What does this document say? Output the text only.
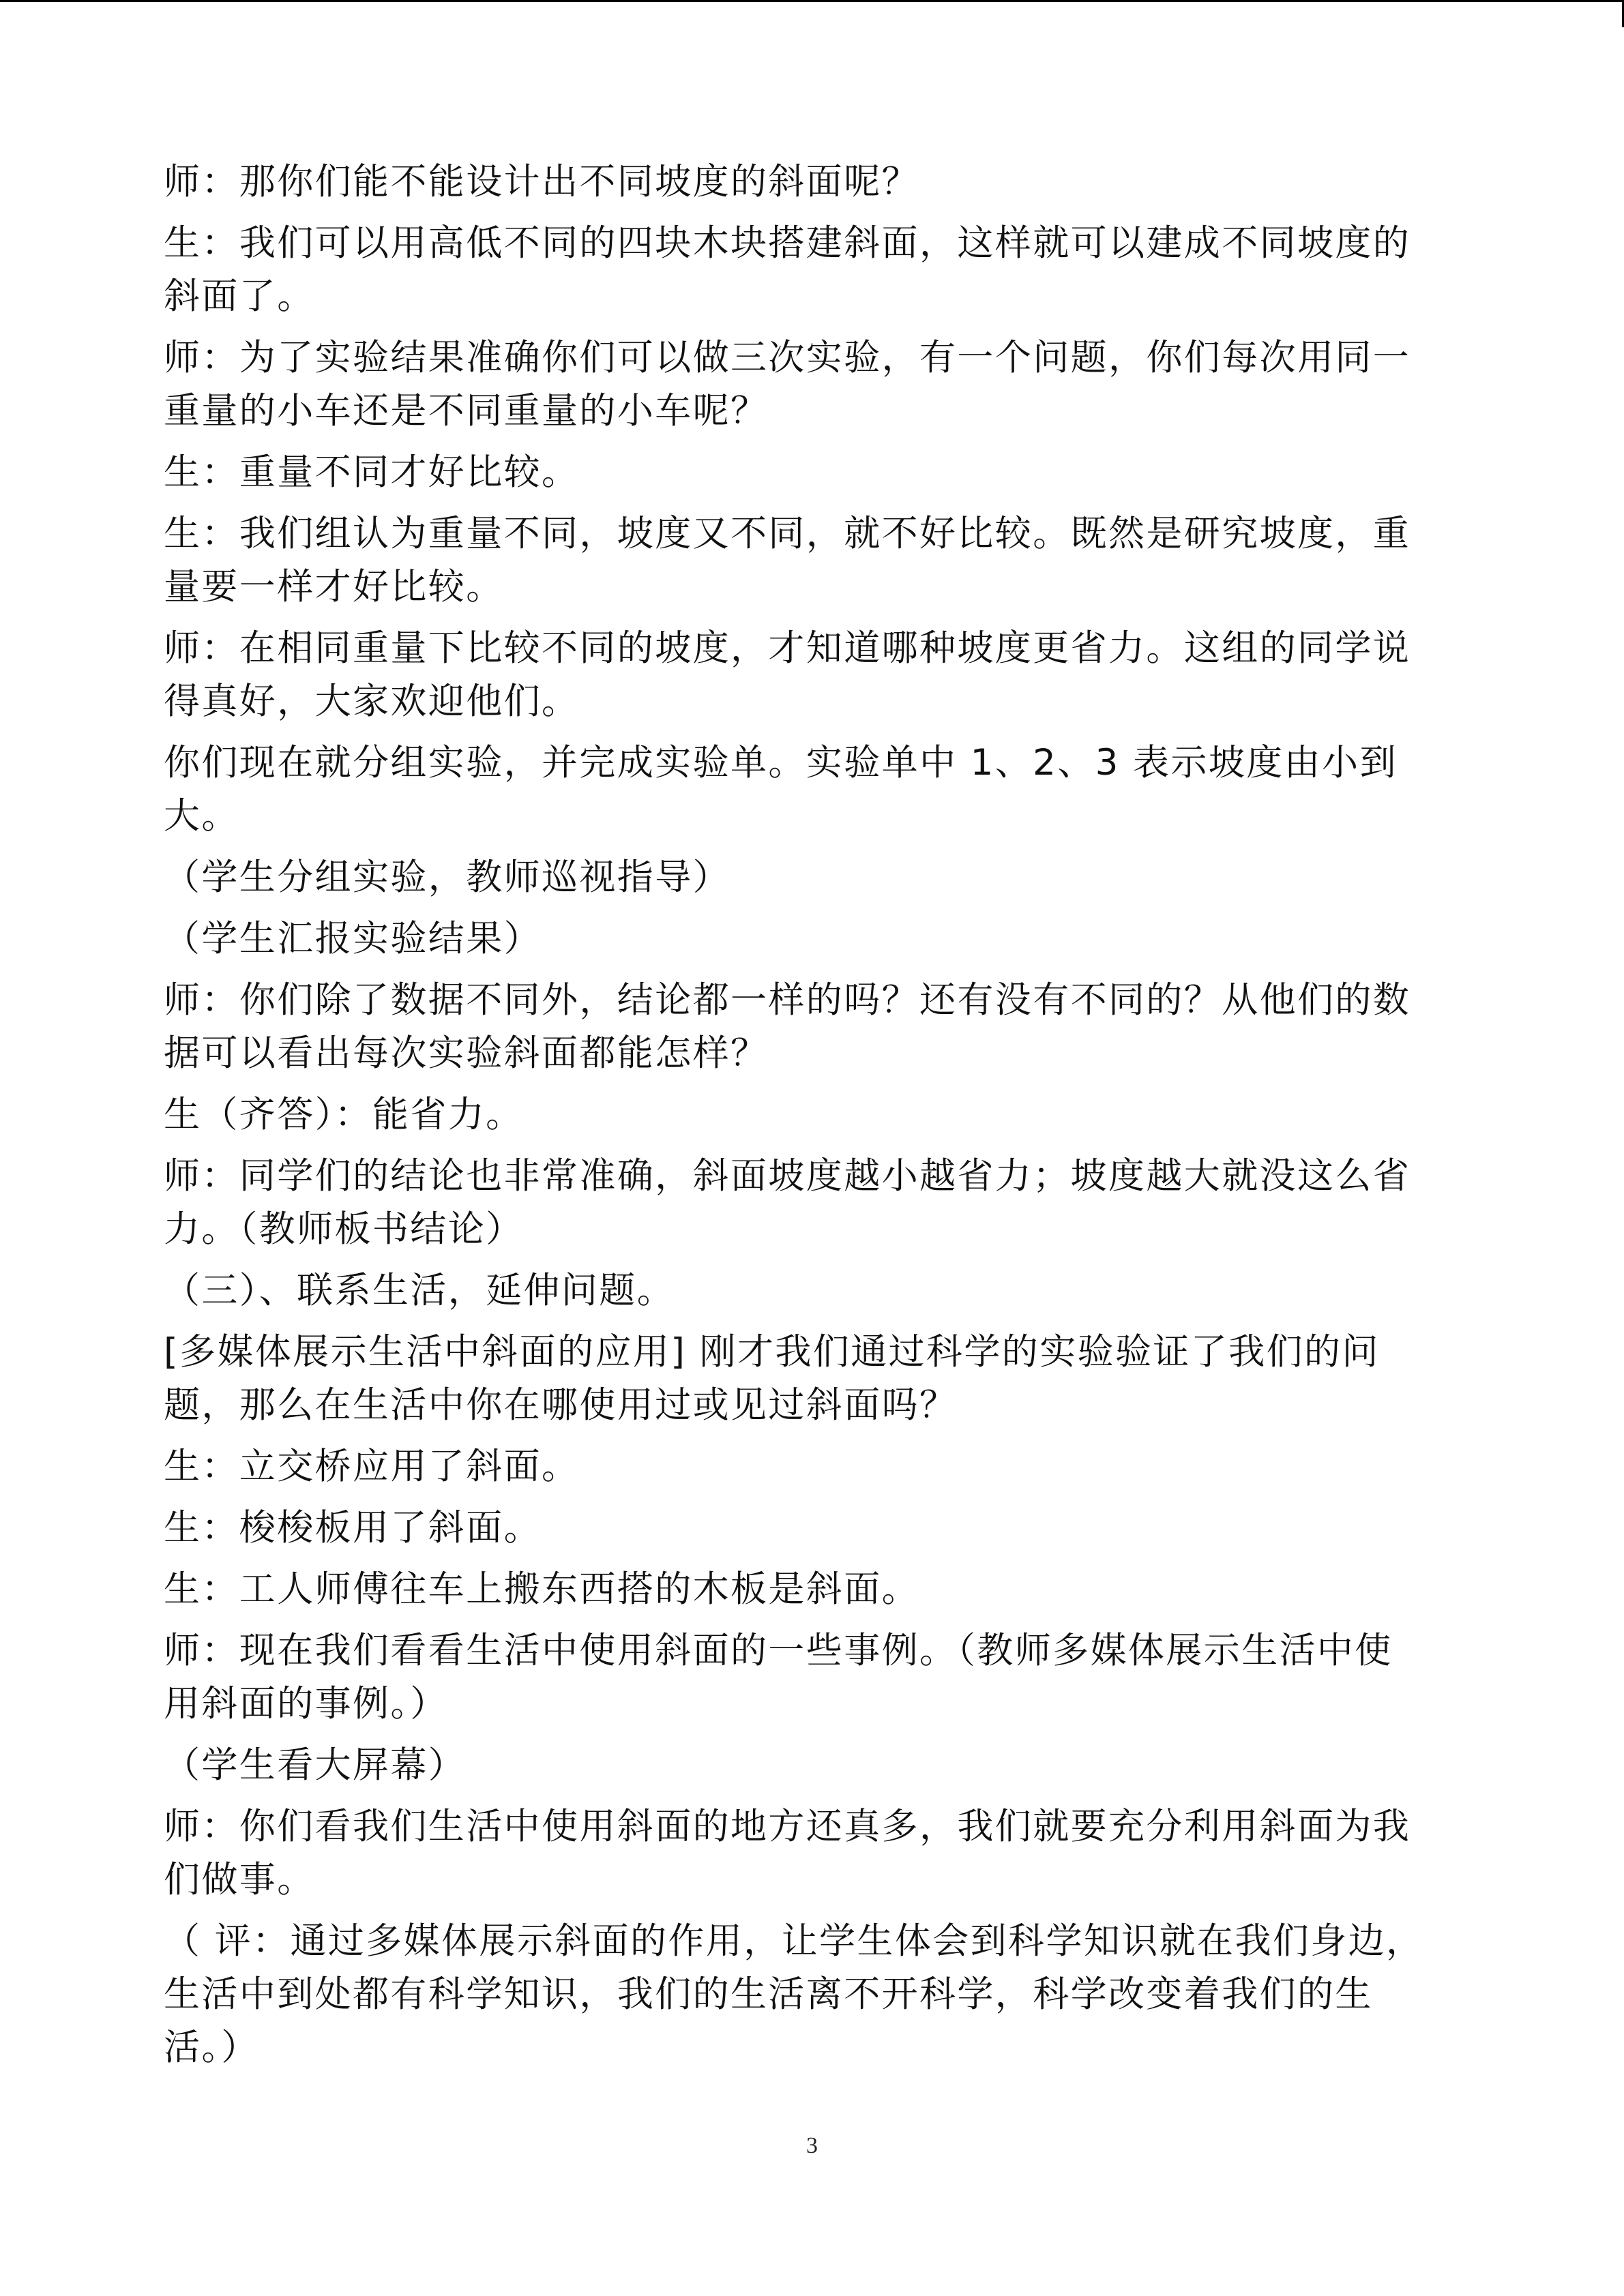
师：那你们能不能设计出不同坡度的斜面呢？

生：我们可以用高低不同的四块木块搭建斜面，这样就可以建成不同坡度的斜面了。

师：为了实验结果准确你们可以做三次实验，有一个问题，你们每次用同一重量的小车还是不同重量的小车呢？

生：重量不同才好比较。

生：我们组认为重量不同，坡度又不同，就不好比较。既然是研究坡度，重量要一样才好比较。

师：在相同重量下比较不同的坡度，才知道哪种坡度更省力。这组的同学说得真好，大家欢迎他们。

你们现在就分组实验，并完成实验单。实验单中 1、2、3 表示坡度由小到大。

（学生分组实验，教师巡视指导）

（学生汇报实验结果）

师：你们除了数据不同外，结论都一样的吗？还有没有不同的？从他们的数据可以看出每次实验斜面都能怎样？

生（齐答）：能省力。

师：同学们的结论也非常准确，斜面坡度越小越省力；坡度越大就没这么省力。（教师板书结论）

（三）、联系生活，延伸问题。

[多媒体展示生活中斜面的应用] 刚才我们通过科学的实验验证了我们的问题，那么在生活中你在哪使用过或见过斜面吗？

生：立交桥应用了斜面。

生：梭梭板用了斜面。

生：工人师傅往车上搬东西搭的木板是斜面。

师：现在我们看看生活中使用斜面的一些事例。（教师多媒体展示生活中使用斜面的事例。）

（学生看大屏幕）

师：你们看我们生活中使用斜面的地方还真多，我们就要充分利用斜面为我们做事。

（ 评：通过多媒体展示斜面的作用，让学生体会到科学知识就在我们身边，生活中到处都有科学知识，我们的生活离不开科学，科学改变着我们的生活。）

3
